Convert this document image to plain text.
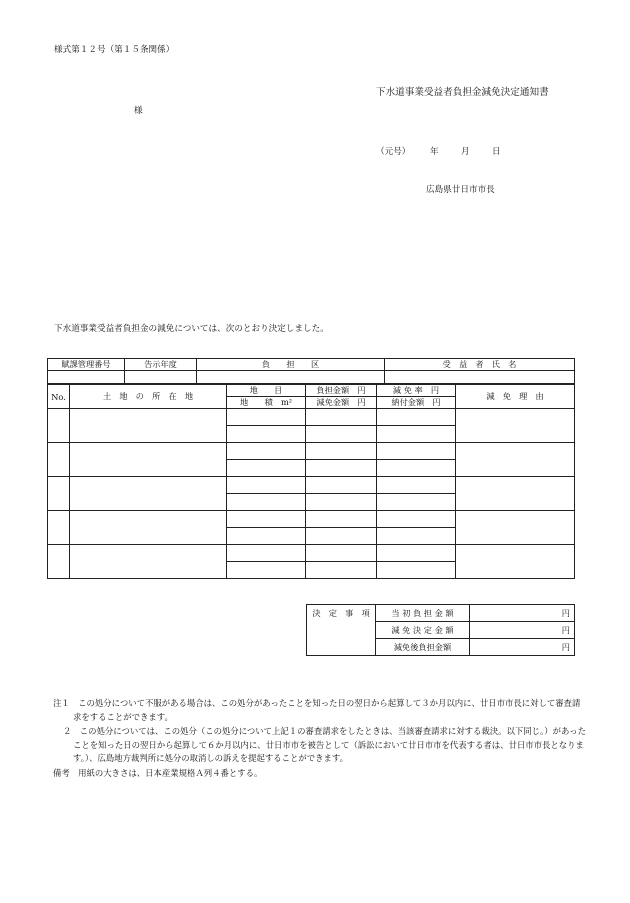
様式第１２号（第１５条関係）
下水道事業受益者負担金減免決定通知書
様
（元号） 年	月	日
広島県廿日市市長
下水道事業受益者負担金の減免については、次のとおり決定しました。
賦課管理番号	告示年度	負　　担　　区	受　益　者　氏　名

No.	土　地　の　所　在　地	地　　目	負担金額　円	減 免 率　円	減　免　理　由
		地　　積　m²	減免金額　円	納付金額　円	

決　定　事　項	当 初 負 担 金 額	円
	減 免 決 定 金 額	円
	減免後負担金額	円

注１　この処分について不服がある場合は、この処分があったことを知った日の翌日から起算して３か月以内に、廿日市市長に対して審査請求をすることができます。

２　この処分については、この処分（この処分について上記１の審査請求をしたときは、当該審査請求に対する裁決。以下同じ。）があったことを知った日の翌日から起算して６か月以内に、廿日市市を被告として（訴訟において廿日市市を代表する者は、廿日市市長となります。）、広島地方裁判所に処分の取消しの訴えを提起することができます。

備考　用紙の大きさは、日本産業規格Ａ列４番とする。
